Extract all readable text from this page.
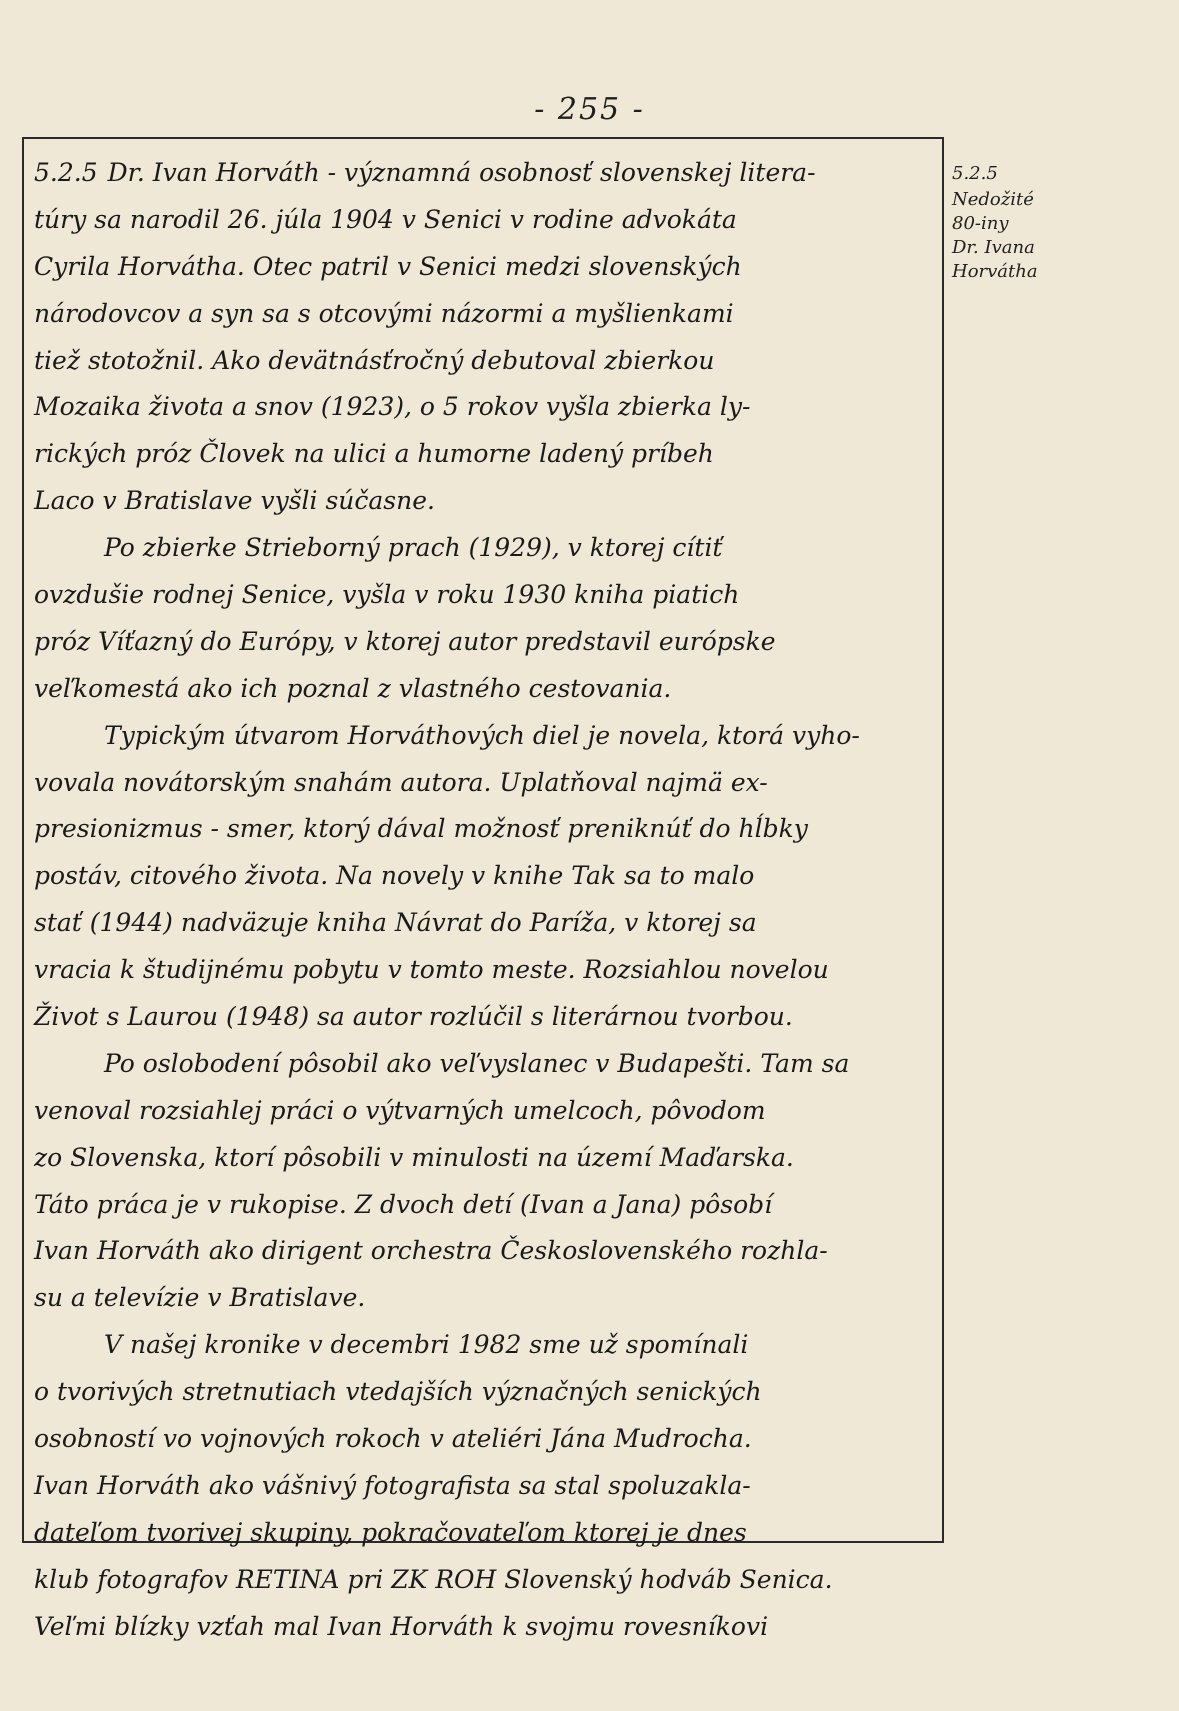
- 255 -
5.2.5
Nedožité
80-iny
Dr. Ivana
Horvátha
5.2.5 Dr. Ivan Horváth - významná osobnosť slovenskej litera-
túry sa narodil 26. júla 1904 v Senici v rodine advokáta
Cyrila Horvátha. Otec patril v Senici medzi slovenských
národovcov a syn sa s otcovými názormi a myšlienkami
tiež stotožnil. Ako devätnásťročný debutoval zbierkou
Mozaika života a snov (1923), o 5 rokov vyšla zbierka ly-
rických próz Človek na ulici a humorne ladený príbeh
Laco v Bratislave vyšli súčasne.
Po zbierke Strieborný prach (1929), v ktorej cítiť
ovzdušie rodnej Senice, vyšla v roku 1930 kniha piatich
próz Víťazný do Európy, v ktorej autor predstavil európske
veľkomestá ako ich poznal z vlastného cestovania.
Typickým útvarom Horváthových diel je novela, ktorá vyho-
vovala novátorským snahám autora. Uplatňoval najmä ex-
presionizmus - smer, ktorý dával možnosť preniknúť do hĺbky
postáv, citového života. Na novely v knihe Tak sa to malo
stať (1944) nadväzuje kniha Návrat do Paríža, v ktorej sa
vracia k študijnému pobytu v tomto meste. Rozsiahlou novelou
Život s Laurou (1948) sa autor rozlúčil s literárnou tvorbou.
Po oslobodení pôsobil ako veľvyslanec v Budapešti. Tam sa
venoval rozsiahlej práci o výtvarných umelcoch, pôvodom
zo Slovenska, ktorí pôsobili v minulosti na území Maďarska.
Táto práca je v rukopise. Z dvoch detí (Ivan a Jana) pôsobí
Ivan Horváth ako dirigent orchestra Československého rozhla-
su a televízie v Bratislave.
V našej kronike v decembri 1982 sme už spomínali
o tvorivých stretnutiach vtedajších význačných senických
osobností vo vojnových rokoch v ateliéri Jána Mudrocha.
Ivan Horváth ako vášnivý fotografista sa stal spoluzakla-
dateľom tvorivej skupiny, pokračovateľom ktorej je dnes
klub fotografov RETINA pri ZK ROH Slovenský hodváb Senica.
Veľmi blízky vzťah mal Ivan Horváth k svojmu rovesníkovi
